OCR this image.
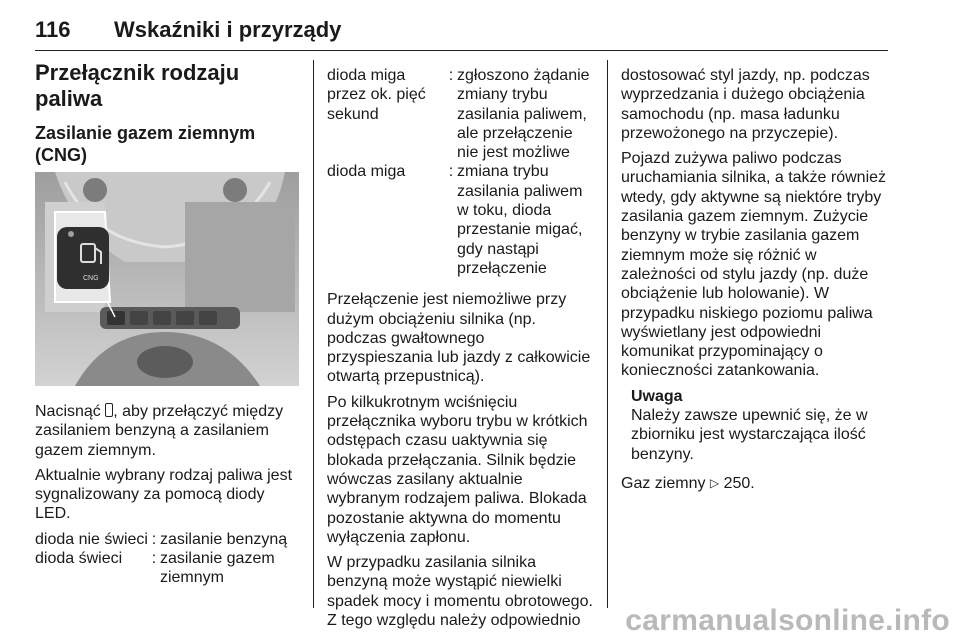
116 Wskaźniki i przyrządy
Przełącznik rodzaju paliwa
Zasilanie gazem ziemnym (CNG)
CNG

Nacisnąć , aby przełączyć między zasilaniem benzyną a zasilaniem gazem ziemnym.

Aktualnie wybrany rodzaj paliwa jest sygnalizowany za pomocą diody LED.

dioda nie świeci	:	zasilanie benzyną
dioda świeci	:	zasilanie gazem ziemnym
dioda miga przez ok. pięć sekund	:	zgłoszono żądanie zmiany trybu zasilania paliwem, ale przełączenie nie jest możliwe
dioda miga	:	zmiana trybu zasilania paliwem w toku, dioda przestanie migać, gdy nastąpi przełączenie

Przełączenie jest niemożliwe przy dużym obciążeniu silnika (np. podczas gwałtownego przyspieszania lub jazdy z całkowicie otwartą przepustnicą).

Po kilkukrotnym wciśnięciu przełącznika wyboru trybu w krótkich odstępach czasu uaktywnia się blokada przełączania. Silnik będzie wówczas zasilany aktualnie wybranym rodzajem paliwa. Blokada pozostanie aktywna do momentu wyłączenia zapłonu.

W przypadku zasilania silnika benzyną może wystąpić niewielki spadek mocy i momentu obrotowego. Z tego względu należy odpowiednio

dostosować styl jazdy, np. podczas wyprzedzania i dużego obciążenia samochodu (np. masa ładunku przewożonego na przyczepie).

Pojazd zużywa paliwo podczas uruchamiania silnika, a także również wtedy, gdy aktywne są niektóre tryby zasilania gazem ziemnym. Zużycie benzyny w trybie zasilania gazem ziemnym może się różnić w zależności od stylu jazdy (np. duże obciążenie lub holowanie). W przypadku niskiego poziomu paliwa wyświetlany jest odpowiedni komunikat przypominający o konieczności zatankowania.

Uwaga
Należy zawsze upewnić się, że w zbiorniku jest wystarczająca ilość benzyny.

Gaz ziemny ▷ 250.

carmanualsonline.info
